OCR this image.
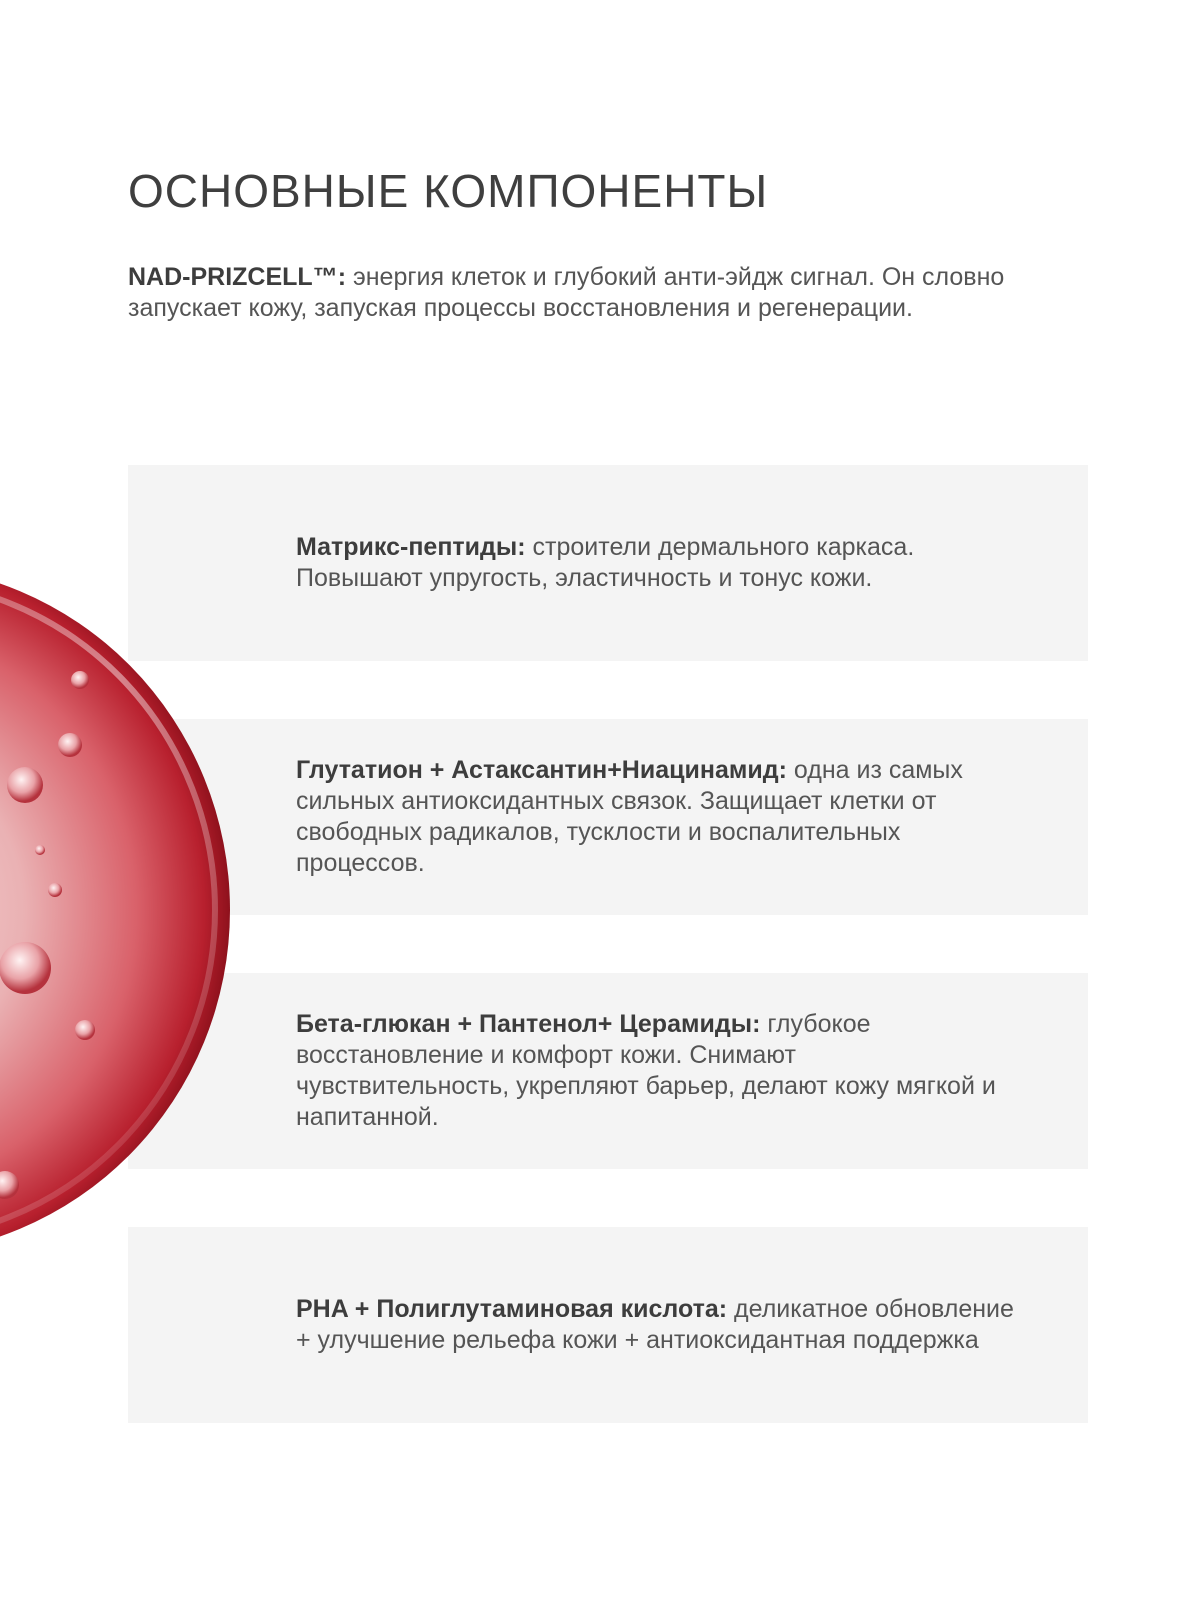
ОСНОВНЫЕ КОМПОНЕНТЫ

NAD-PRIZCELL™: энергия клеток и глубокий анти-эйдж сигнал. Он словно запускает кожу, запуская процессы восстановления и регенерации.

Матрикс-пептиды: строители дермального каркаса. Повышают упругость, эластичность и тонус кожи.

Глутатион + Астаксантин+Ниацинамид: одна из самых сильных антиоксидантных связок. Защищает клетки от свободных радикалов, тусклости и воспалительных процессов.

Бета-глюкан + Пантенол+ Церамиды: глубокое восстановление и комфорт кожи. Снимают чувствительность, укрепляют барьер, делают кожу мягкой и напитанной.

PHA + Полиглутаминовая кислота: деликатное обновление + улучшение рельефа кожи + антиоксидантная поддержка
